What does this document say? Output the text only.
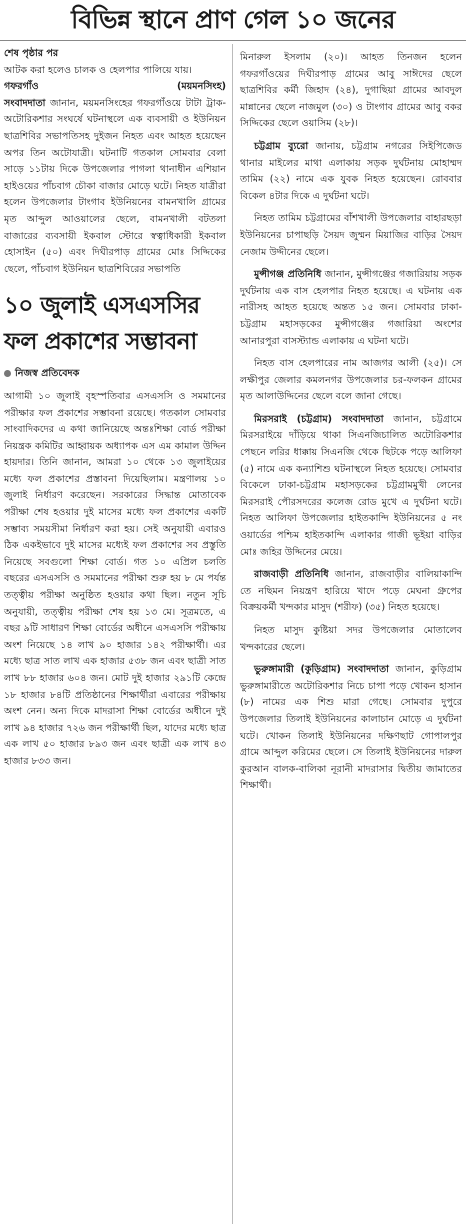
বিভিন্ন স্থানে প্রাণ গেল ১০ জনের

শেষ পৃষ্ঠার পর
আটক করা হলেও চালক ও হেলপার পালিয়ে যায়।

গফরগাঁও	(ময়মনসিংহ)

সংবাদদাতা জানান, ময়মনসিংহের গফরগাঁওয়ে টাটা ট্রাক-অটোরিকশার সংঘর্ষে ঘটনাস্থলে এক ব্যবসায়ী ও ইউনিয়ন ছাত্রশিবির সভাপতিসহ দুইজন নিহত এবং আহত হয়েছেন অপর তিন অটোযাত্রী। ঘটনাটি গতকাল সোমবার বেলা সাড়ে ১১টায় দিকে উপজেলার পাগলা থানাধীন এশিয়ান হাইওয়ের পাঁচবাগ চৌকা বাজার মোড়ে ঘটে। নিহত যাত্রীরা হলেন উপজেলার টাংগাব ইউনিয়নের বামনখালি গ্রামের মৃত আব্দুল আওয়ালের ছেলে, বামনখালী বটতলা বাজারের ব্যবসায়ী ইকবাল স্টোরে স্বত্বাধিকারী ইকবাল হোসাইন (৫০) এবং দিঘীরপাড় গ্রামের মোঃ সিদ্দিকের ছেলে, পাঁচবাগ ইউনিয়ন ছাত্রশিবিরের সভাপতি

১০ জুলাই এসএসসির ফল প্রকাশের সম্ভাবনা

নিজস্ব প্রতিবেদক

আগামী ১০ জুলাই বৃহস্পতিবার এসএসসি ও সমমানের পরীক্ষার ফল প্রকাশের সম্ভাবনা রয়েছে। গতকাল সোমবার সাংবাদিকদের এ কথা জানিয়েছে অন্তঃশিক্ষা বোর্ড পরীক্ষা নিয়ন্ত্রক কমিটির আহ্বায়ক অধ্যাপক এস এম কামাল উদ্দিন হায়দার। তিনি জানান, আমরা ১০ থেকে ১৩ জুলাইয়ের মধ্যে ফল প্রকাশের প্রস্তাবনা দিয়েছিলাম। মন্ত্রণালয় ১০ জুলাই নির্ধারণ করেছেন। সরকারের সিদ্ধান্ত মোতাবেক পরীক্ষা শেষ হওয়ার দুই মাসের মধ্যে ফল প্রকাশের একটি সম্ভাব্য সময়সীমা নির্ধারণ করা হয়। সেই অনুযায়ী এবারও ঠিক একইভাবে দুই মাসের মধ্যেই ফল প্রকাশের সব প্রস্তুতি নিয়েছে সবগুলো শিক্ষা বোর্ড। গত ১০ এপ্রিল চলতি বছরের এসএসসি ও সমমানের পরীক্ষা শুরু হয় ৮ মে পর্যন্ত তত্ত্বীয় পরীক্ষা অনুষ্ঠিত হওয়ার কথা ছিল। নতুন সূচি অনুযায়ী, তত্ত্বীয় পরীক্ষা শেষ হয় ১৩ মে। সূত্রমতে, এ বছর ৯টি সাধারণ শিক্ষা বোর্ডের অধীনে এসএসসি পরীক্ষায় অংশ নিয়েছে ১৪ লাখ ৯০ হাজার ১৪২ পরীক্ষার্থী। এর মধ্যে ছাত্র সাত লাখ এক হাজার ৫৩৮ জন এবং ছাত্রী সাত লাখ ৮৮ হাজার ৬০৪ জন। মোট দুই হাজার ২৯১টি কেন্দ্রে ১৮ হাজার ৮৪টি প্রতিষ্ঠানের শিক্ষার্থীরা এবারের পরীক্ষায় অংশ নেন। অন্য দিকে মাদরাসা শিক্ষা বোর্ডের অধীনে দুই লাখ ৯৪ হাজার ৭২৬ জন পরীক্ষার্থী ছিল, যাদের মধ্যে ছাত্র এক লাখ ৫০ হাজার ৮৯৩ জন এবং ছাত্রী এক লাখ ৪৩ হাজার ৮৩৩ জন।

মিনারুল ইসলাম (২০)। আহত তিনজন হলেন গফরগাঁওয়ের দিঘীরপাড় গ্রামের আবু সাঈদের ছেলে ছাত্রশিবির কর্মী জিহাদ (২৪), দুগাছিয়া গ্রামের আবদুল মান্নানের ছেলে নাজমুল (৩০) ও টাংগাব গ্রামের আবু বকর সিদ্দিকের ছেলে ওয়াসিম (২৮)।

চট্টগ্রাম ব্যুরো জানায়, চট্টগ্রাম নগরের সিইপিজেড থানার মাইলের মাথা এলাকায় সড়ক দুর্ঘটনায় মোহাম্মদ তামিম (২২) নামে এক যুবক নিহত হয়েছেন। রোববার বিকেল ৪টার দিকে এ দুর্ঘটনা ঘটে।

নিহত তামিম চট্টগ্রামের বাঁশখালী উপজেলার বাহারছড়া ইউনিয়নের চাপাছড়ি সৈয়দ জুম্মন মিয়াজির বাড়ির সৈয়দ নেজাম উদ্দীনের ছেলে।

মুন্সীগঞ্জ প্রতিনিধি জানান, মুন্সীগঞ্জের গজারিয়ায় সড়ক দুর্ঘটনায় এক বাস হেলপার নিহত হয়েছে। এ ঘটনায় এক নারীসহ আহত হয়েছে অন্তত ১৫ জন। সোমবার ঢাকা-চট্টগ্রাম মহাসড়কের মুন্সীগঞ্জের গজারিয়া অংশের আনারপুরা বাসস্ট্যান্ড এলাকায় এ ঘটনা ঘটে।

নিহত বাস হেলপারের নাম আজগর আলী (২৫)। সে লক্ষীপুর জেলার কমলনগর উপজেলার চর-ফলকন গ্রামের মৃত আলাউদ্দিনের ছেলে বলে জানা গেছে।

মিরসরাই (চট্টগ্রাম) সংবাদদাতা জানান, চট্টগ্রামে মিরসরাইয়ে দাঁড়িয়ে থাকা সিএনজিচালিত অটোরিকশার পেছনে লরির ধাক্কায় সিএনজি থেকে ছিটকে পড়ে আলিফা (৫) নামে এক কন্যাশিশু ঘটনাস্থলে নিহত হয়েছে। সোমবার বিকেলে ঢাকা-চট্টগ্রাম মহাসড়কের চট্টগ্রামমুখী লেনের মিরসরাই পৌরসদরের কলেজ রোড মুখে এ দুর্ঘটনা ঘটে। নিহত আলিফা উপজেলার হাইতকান্দি ইউনিয়নের ৫ নং ওয়ার্ডের পশ্চিম হাইতকান্দি এলাকার গাজী ভূইয়া বাড়ির মোঃ জহির উদ্দিনের মেয়ে।

রাজবাড়ী প্রতিনিধি জানান, রাজবাড়ীর বালিয়াকান্দি তে নছিমন নিয়ন্ত্রণ হারিয়ে খাদে পড়ে মেঘনা গ্রুপের বিক্রয়কর্মী খন্দকার মাসুদ (শরীফ) (৩৫) নিহত হয়েছে।

নিহত মাসুদ কুষ্টিয়া সদর উপজেলার মোতালেব খন্দকারের ছেলে।

ভুরুঙ্গামারী (কুড়িগ্রাম) সংবাদদাতা জানান, কুড়িগ্রাম ভুরুঙ্গামারীতে অটোরিকশার নিচে চাপা পড়ে খোকন হাসান (৮) নামের এক শিশু মারা গেছে। সোমবার দুপুরে উপজেলার তিলাই ইউনিয়নের কালাচান মোড়ে এ দুর্ঘটনা ঘটে। খোকন তিলাই ইউনিয়নের দক্ষিণছাট গোপালপুর গ্রামে আব্দুল করিমের ছেলে। সে তিলাই ইউনিয়নের দারুল কুরআন বালক-বালিকা নূরানী মাদরাসার দ্বিতীয় জামাতের শিক্ষার্থী।
